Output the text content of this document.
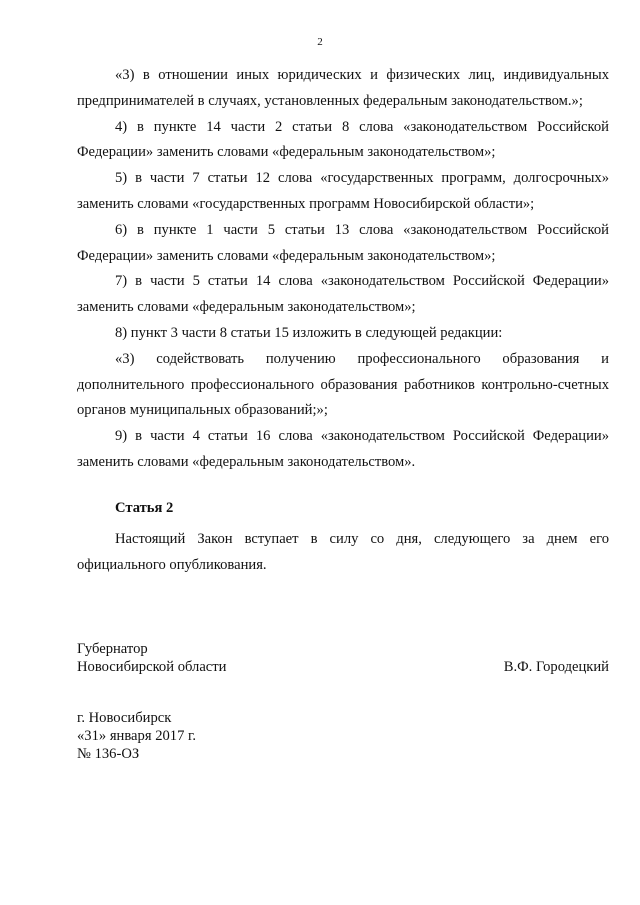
2

«3) в отношении иных юридических и физических лиц, индивидуальных предпринимателей в случаях, установленных федеральным законодательством.»;

4) в пункте 14 части 2 статьи 8 слова «законодательством Российской Федерации» заменить словами «федеральным законодательством»;

5) в части 7 статьи 12 слова «государственных программ, долгосрочных» заменить словами «государственных программ Новосибирской области»;

6) в пункте 1 части 5 статьи 13 слова «законодательством Российской Федерации» заменить словами «федеральным законодательством»;

7) в части 5 статьи 14 слова «законодательством Российской Федерации» заменить словами «федеральным законодательством»;

8) пункт 3 части 8 статьи 15 изложить в следующей редакции:

«3) содействовать получению профессионального образования и дополнительного профессионального образования работников контрольно-счетных органов муниципальных образований;»;

9) в части 4 статьи 16 слова «законодательством Российской Федерации» заменить словами «федеральным законодательством».

Статья 2

Настоящий Закон вступает в силу со дня, следующего за днем его официального опубликования.

Губернатор
Новосибирской области	В.Ф. Городецкий
г. Новосибирск
«31» января 2017 г.
№ 136-ОЗ
